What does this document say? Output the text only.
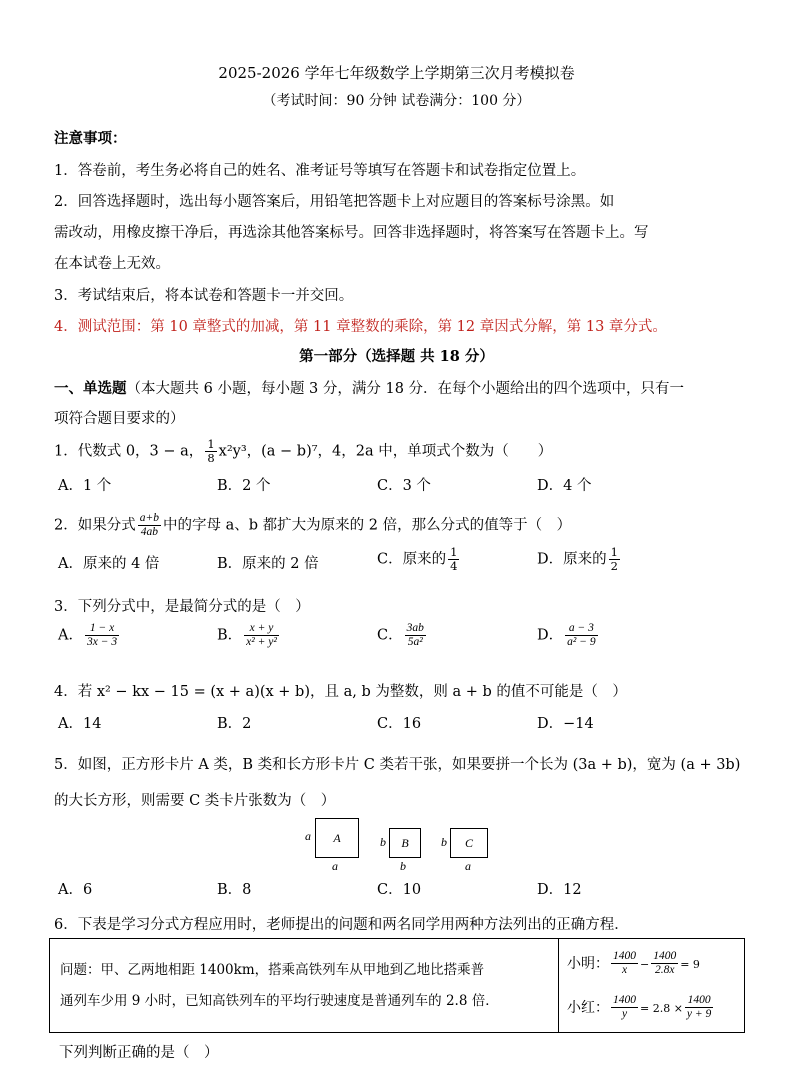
2025-2026 学年七年级数学上学期第三次月考模拟卷
（考试时间：90 分钟 试卷满分：100 分）
注意事项：
1．答卷前，考生务必将自己的姓名、准考证号等填写在答题卡和试卷指定位置上。
2．回答选择题时，选出每小题答案后，用铅笔把答题卡上对应题目的答案标号涂黑。如
需改动，用橡皮擦干净后，再选涂其他答案标号。回答非选择题时，将答案写在答题卡上。写
在本试卷上无效。
3．考试结束后，将本试卷和答题卡一并交回。
4．测试范围：第 10 章整式的加减，第 11 章整数的乘除，第 12 章因式分解，第 13 章分式。
第一部分（选择题 共 18 分）
一、单选题（本大题共 6 小题，每小题 3 分，满分 18 分．在每个小题给出的四个选项中，只有一
项符合题目要求的）
1．代数式 0，3 − a， $\frac{1}{8} x^2y^3$，(a − b)⁷，4，2a 中，单项式个数为（　　）
A．1 个	B．2 个	C．3 个	D．4 个
2．如果分式 $\frac{a+b}{4ab}$ 中的字母 a、b 都扩大为原来的 2 倍，那么分式的值等于（　）
A．原来的 4 倍	B．原来的 2 倍	C．原来的 $\frac{1}{4}$	D．原来的 $\frac{1}{2}$
3．下列分式中，是最简分式的是（　）
A． $\frac{1 - x}{3x - 3}$	B． $\frac{x + y}{\text{x² + y²}}$	C． $\frac{3ab}{\text{5a²}}$	D． $\frac{a - 3}{\text{a² − 9}}$
4．若 x² − kx − 15 = (x + a)(x + b)，且 a, b 为整数，则 a + b 的值不可能是（　）
A．14	B．2	C．16	D．−14
5．如图，正方形卡片 A 类，B 类和长方形卡片 C 类若干张，如果要拼一个长为 (3a + b)，宽为 (a + 3b)
的大长方形，则需要 C 类卡片张数为（　）
a	A
a
b	B
b
b	C
a
A．6	B．8	C．10	D．12
6．下表是学习分式方程应用时，老师提出的问题和两名同学用两种方法列出的正确方程．
问题：甲、乙两地相距 1400km，搭乘高铁列车从甲地到乙地比搭乘普
通列车少用 9 小时，已知高铁列车的平均行驶速度是普通列车的 2.8 倍．

小明： $\frac{1400}{x} - \frac{1400}{2.8x} = 9$
小红： $\frac{1400}{y} = 2.8 \times \frac{1400}{y + 9}$
下列判断正确的是（　）
